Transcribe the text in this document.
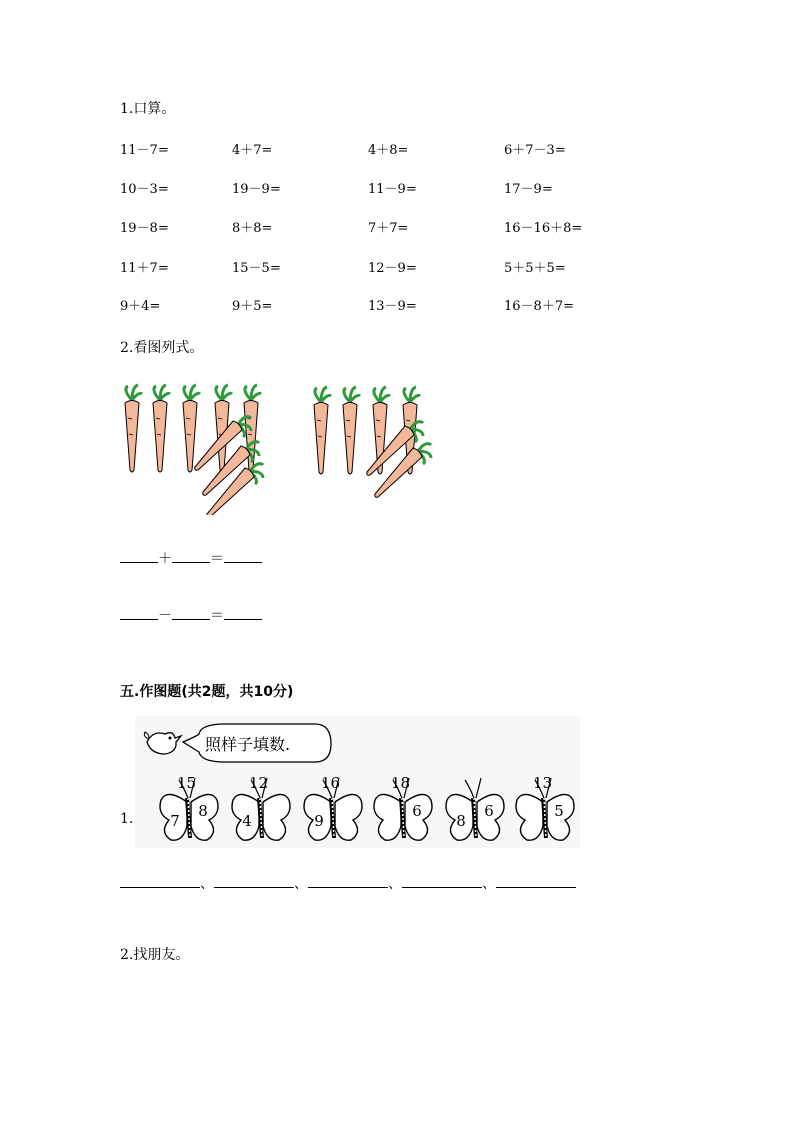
1.口算。
11－7=	4＋7=	4＋8=	6＋7－3=
10－3=	19－9=	11－9=	17－9=
19－8=	8＋8=	7＋7=	16－16＋8=
11＋7=	15－5=	12－9=	5＋5＋5=
9＋4=	9＋5=	13－9=	16－8＋7=
2.看图列式。
＋	＝
－	＝
五.作图题(共2题，共10分)
1.
照样子填数.
15
7
8
12
4
16
9
18
6
8
6
13
5
、	、	、	、
2.找朋友。
